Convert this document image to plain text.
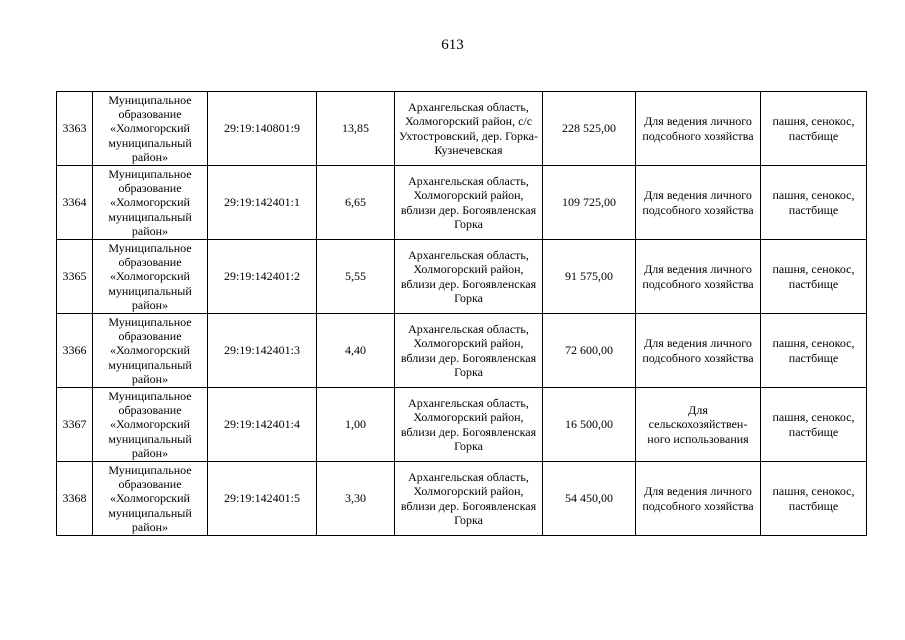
613
3363	Муниципальное образование «Холмогорский муниципальный район»	29:19:140801:9	13,85	Архангельская область, Холмогорский район, с/с Ухтостровский, дер. Горка-Кузнечевская	228 525,00	Для ведения личного подсобного хозяйства	пашня, сенокос, пастбище

3364	Муниципальное образование «Холмогорский муниципальный район»	29:19:142401:1	6,65	Архангельская область, Холмогорский район, вблизи дер. Богоявленская Горка	109 725,00	Для ведения личного подсобного хозяйства	пашня, сенокос, пастбище

3365	Муниципальное образование «Холмогорский муниципальный район»	29:19:142401:2	5,55	Архангельская область, Холмогорский район, вблизи дер. Богоявленская Горка	91 575,00	Для ведения личного подсобного хозяйства	пашня, сенокос, пастбище

3366	Муниципальное образование «Холмогорский муниципальный район»	29:19:142401:3	4,40	Архангельская область, Холмогорский район, вблизи дер. Богоявленская Горка	72 600,00	Для ведения личного подсобного хозяйства	пашня, сенокос, пастбище

3367	Муниципальное образование «Холмогорский муниципальный район»	29:19:142401:4	1,00	Архангельская область, Холмогорский район, вблизи дер. Богоявленская Горка	16 500,00	Для сельскохозяйствен-ного использования	пашня, сенокос, пастбище

3368	Муниципальное образование «Холмогорский муниципальный район»	29:19:142401:5	3,30	Архангельская область, Холмогорский район, вблизи дер. Богоявленская Горка	54 450,00	Для ведения личного подсобного хозяйства	пашня, сенокос, пастбище
